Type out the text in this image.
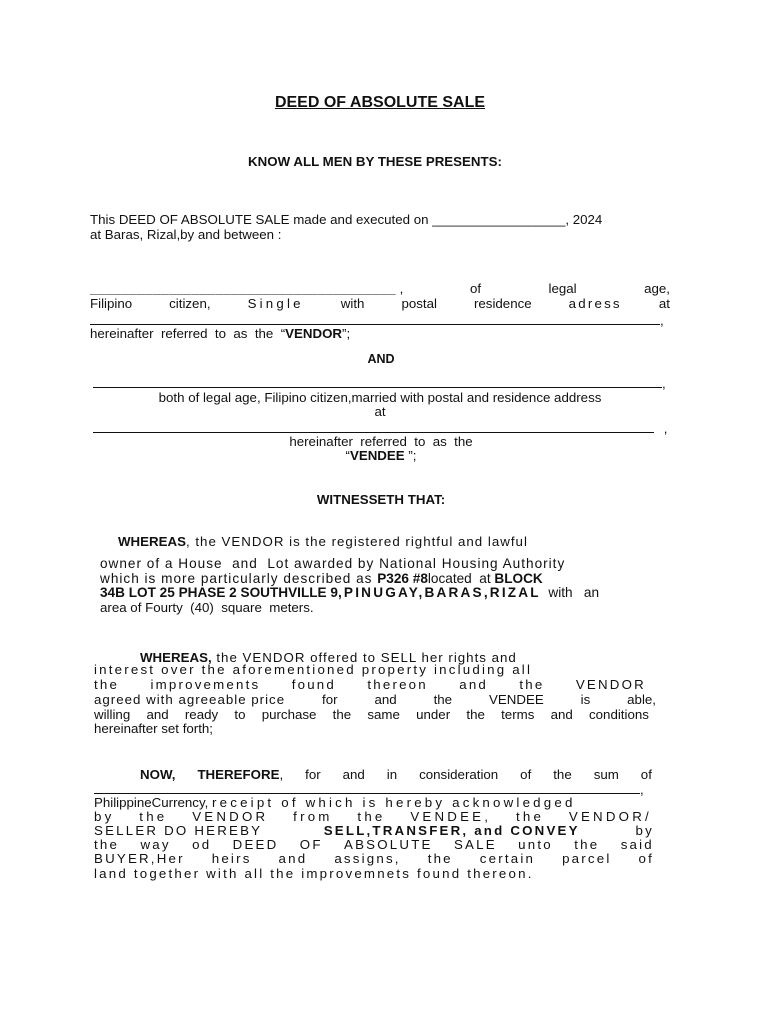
DEED OF ABSOLUTE SALE
KNOW ALL MEN BY THESE PRESENTS:
This DEED OF ABSOLUTE SALE made and executed on __________________, 2024
at Baras, Rizal,by and between :
_______________________________________ ,	of	legal	age,
Filipino	citizen,	Single	with	postal	residence	adress	at
,
hereinafter  referred  to  as  the  “VENDOR”;
AND
,
both of legal age, Filipino citizen,married with postal and residence address
at
,
hereinafter  referred  to  as  the
“VENDEE ”;
WITNESSETH THAT:
WHEREAS, the VENDOR is the registered rightful and lawful
owner of a House  and  Lot awarded by National Housing Authority
which is more particularly described as P326 #8located  at BLOCK
34B LOT 25 PHASE 2 SOUTHVILLE 9,PINUGAY,BARAS,RIZAL  with   an
area of Fourty  (40)  square  meters.
WHEREAS, the VENDOR offered to SELL her rights and
interest over the aforementioned property including all
the improvements found thereon and the VENDOR
agreed with agreeable price	for	and	the	VENDEE	is	able,
willing and ready to purchase the same under the terms and conditions
hereinafter set forth;
NOW, THEREFORE, for and in consideration of the sum of
,
PhilippineCurrency, receipt of which is hereby acknowledged
by the VENDOR from the VENDEE, the VENDOR/
SELLER DO HEREBY	SELL,TRANSFER, and CONVEY	by
the way od DEED OF ABSOLUTE SALE unto the said
BUYER,Her heirs and assigns, the certain parcel of
land together with all the improvemnets found thereon.
